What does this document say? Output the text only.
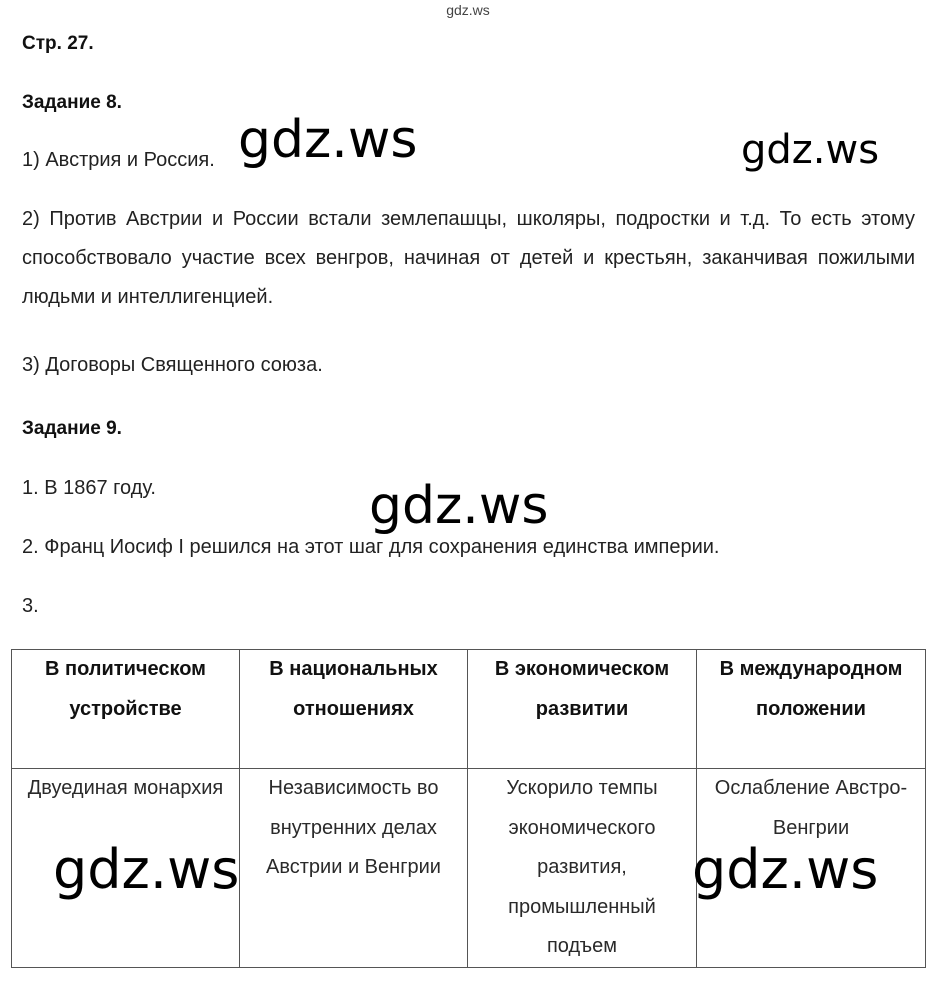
gdz.ws
Стр. 27.
Задание 8.
1) Австрия и Россия.
2) Против Австрии и России встали землепашцы, школяры, подростки и т.д. То есть этому способствовало участие всех венгров, начиная от детей и крестьян, заканчивая пожилыми людьми и интеллигенцией.
3) Договоры Священного союза.
Задание 9.
1. В 1867 году.
2. Франц Иосиф I решился на этот шаг для сохранения единства империи.
3.
В политическом устройстве	В национальных отношениях	В экономическом развитии	В международном положении
Двуединая монархия	Независимость во внутренних делах Австрии и Венгрии	Ускорило темпы экономического развития, промышленный подъем	Ослабление Австро-Венгрии
gdz.ws	gdz.ws
gdz.ws
gdz.ws	gdz.ws
